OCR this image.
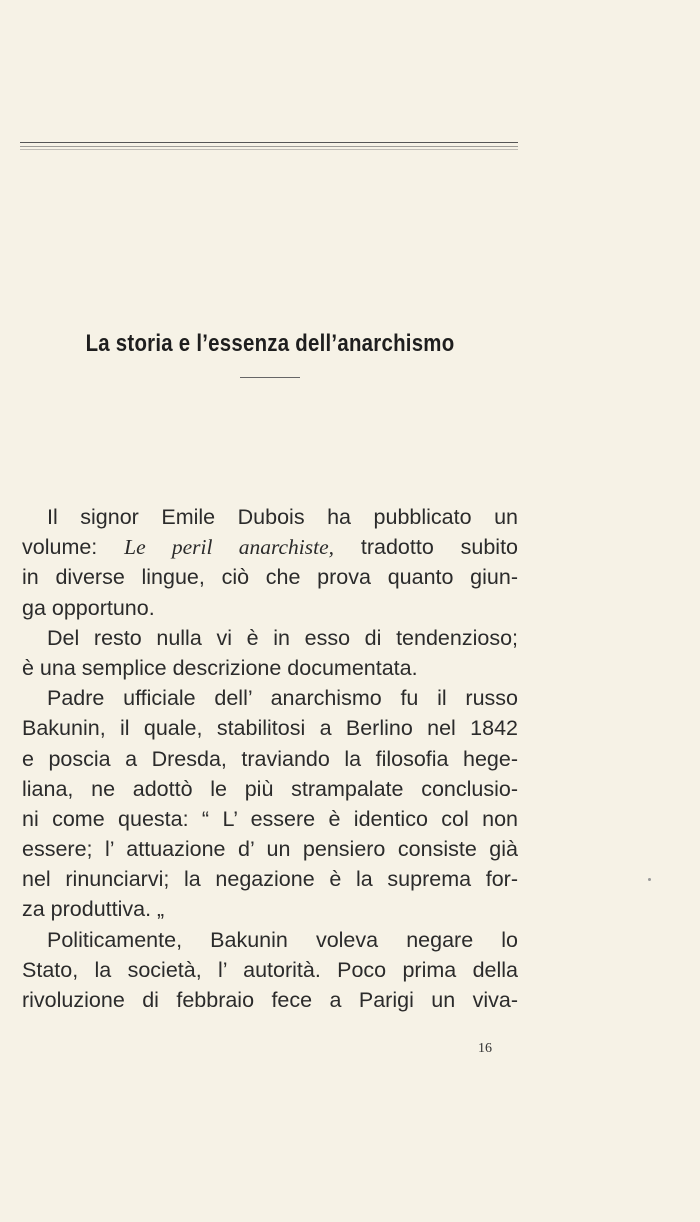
La storia e l’essenza dell’anarchismo
Il signor Emile Dubois ha pubblicato un
volume: Le peril anarchiste, tradotto subito
in diverse lingue, ciò che prova quanto giun-
ga opportuno.
Del resto nulla vi è in esso di tendenzioso;
è una semplice descrizione documentata.
Padre ufficiale dell’ anarchismo fu il russo
Bakunin, il quale, stabilitosi a Berlino nel 1842
e poscia a Dresda, traviando la filosofia hege-
liana, ne adottò le più strampalate conclusio-
ni come questa: “ L’ essere è identico col non
essere; l’ attuazione d’ un pensiero consiste già
nel rinunciarvi; la negazione è la suprema for-
za produttiva. „
Politicamente, Bakunin voleva negare lo
Stato, la società, l’ autorità. Poco prima della
rivoluzione di febbraio fece a Parigi un viva-
16
